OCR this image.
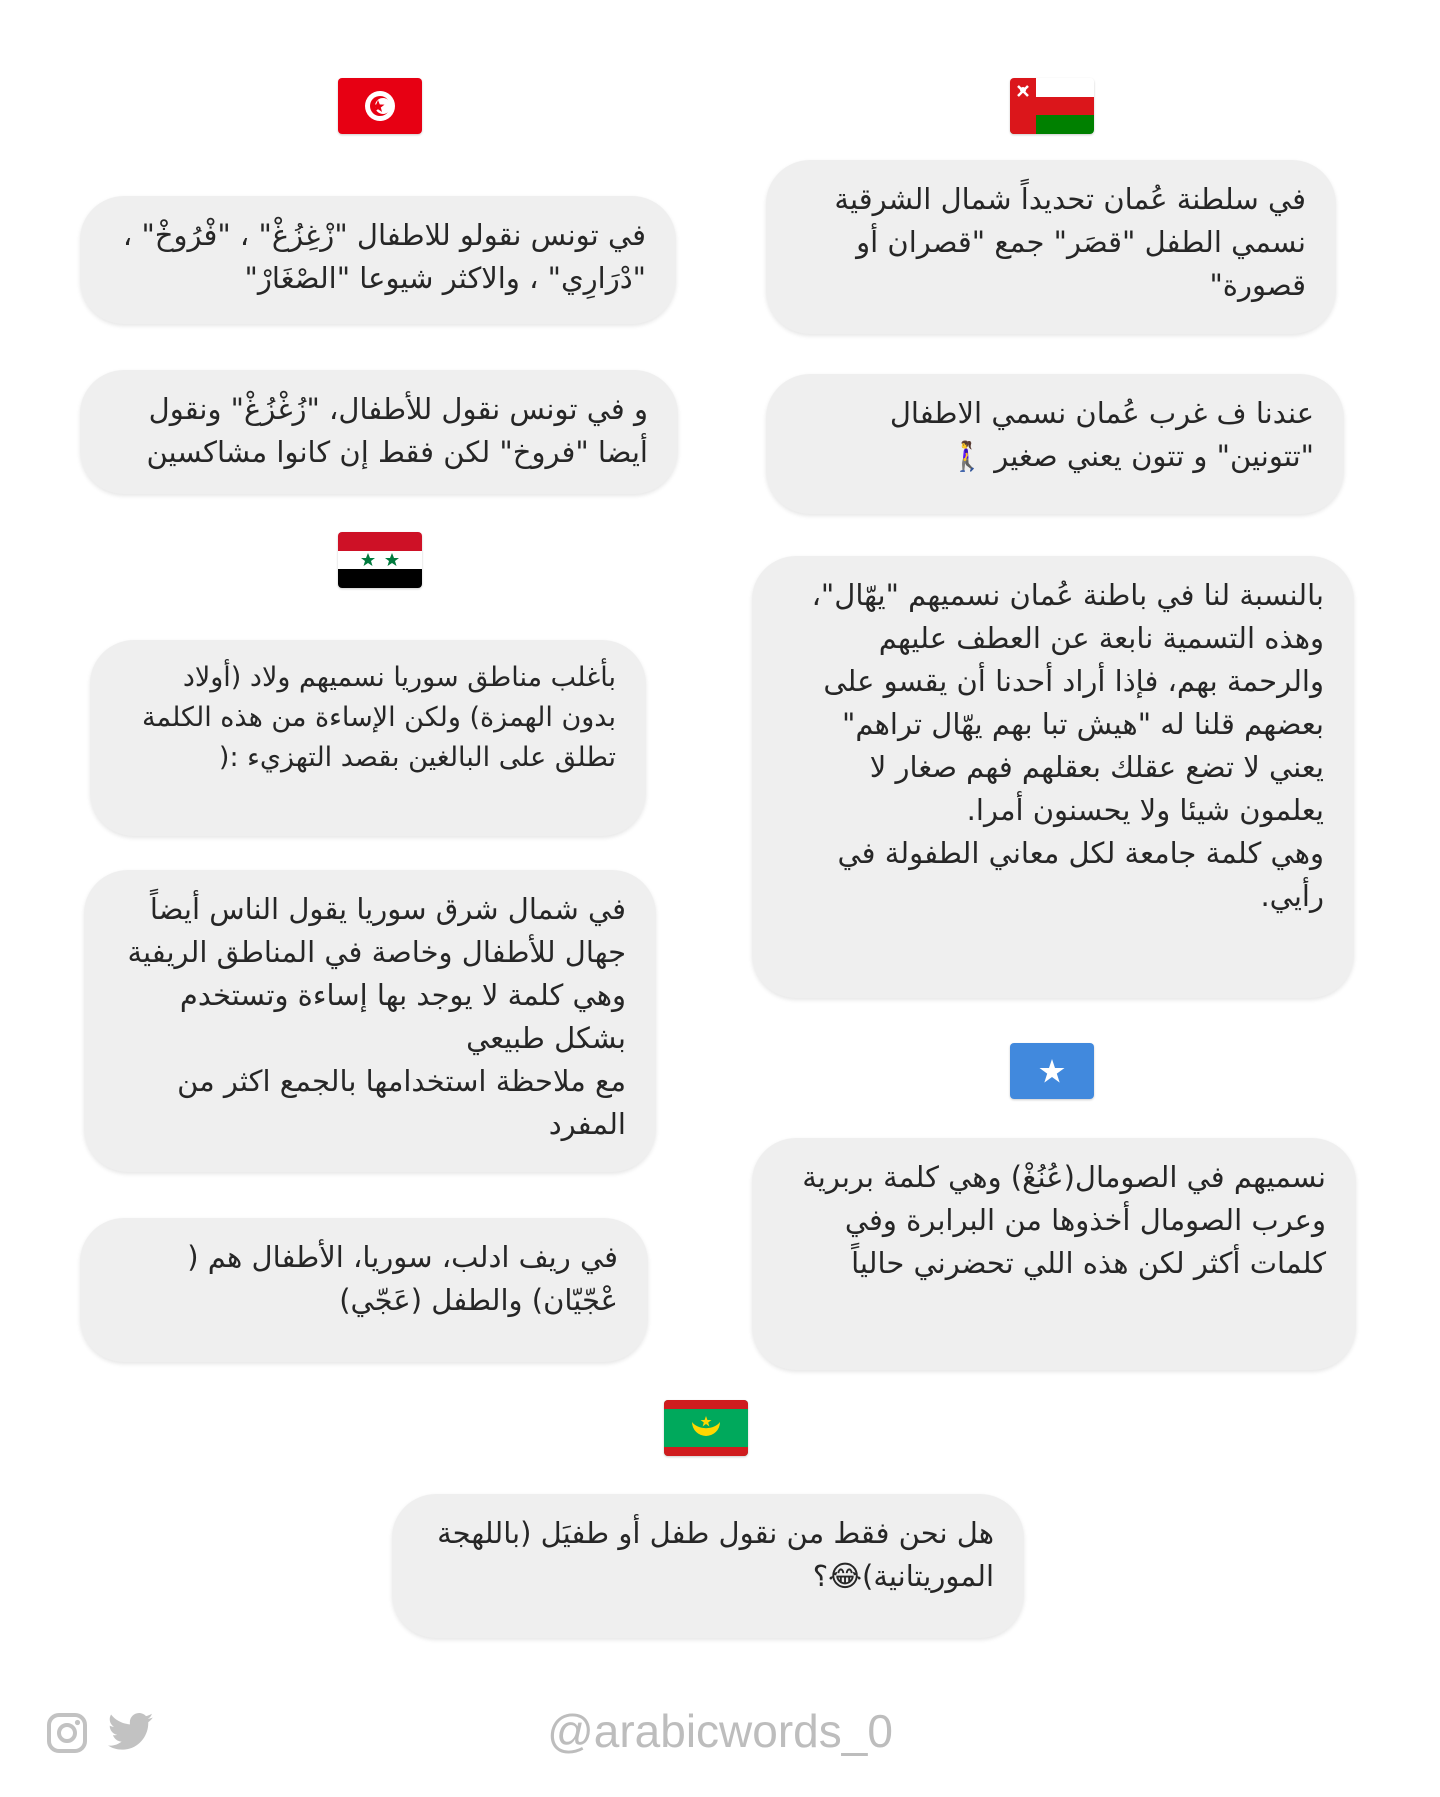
في تونس نقولو للاطفال "زْغِزُغْ" ، "فْرُوخْ" ، "دْرَارِي" ، والاكثر شيوعا "الصْغَارْ"
و في تونس نقول للأطفال، "زُغْزُغْ" ونقول أيضا "فروخ" لكن فقط إن كانوا مشاكسين
بأغلب مناطق سوريا نسميهم ولاد (أولاد بدون الهمزة) ولكن الإساءة من هذه الكلمة تطلق على البالغين بقصد التهزيء :(
في شمال شرق سوريا يقول الناس أيضاً جهال للأطفال وخاصة في المناطق الريفية وهي كلمة لا يوجد بها إساءة وتستخدم بشكل طبيعي
مع ملاحظة استخدامها بالجمع اكثر من المفرد
في ريف ادلب، سوريا، الأطفال هم ( عْجّيّان) والطفل (عَجّي)
في سلطنة عُمان تحديداً شمال الشرقية نسمي الطفل "قصَر" جمع "قصران أو قصورة"
عندنا ف غرب عُمان نسمي الاطفال "تتونين" و تتون يعني صغير 🚶‍♀️
بالنسبة لنا في باطنة عُمان نسميهم "يهّال"، وهذه التسمية نابعة عن العطف عليهم والرحمة بهم، فإذا أراد أحدنا أن يقسو على بعضهم قلنا له "هيش تبا بهم يهّال تراهم" يعني لا تضع عقلك بعقلهم فهم صغار لا يعلمون شيئا ولا يحسنون أمرا.
وهي كلمة جامعة لكل معاني الطفولة في رأيي.
نسميهم في الصومال(عُنُغْ) وهي كلمة بربرية وعرب الصومال أخذوها من البرابرة وفي كلمات أكثر لكن هذه اللي تحضرني حالياً
هل نحن فقط من نقول طفل أو طفيَل (باللهجة الموريتانية)😂؟
@arabicwords_0
